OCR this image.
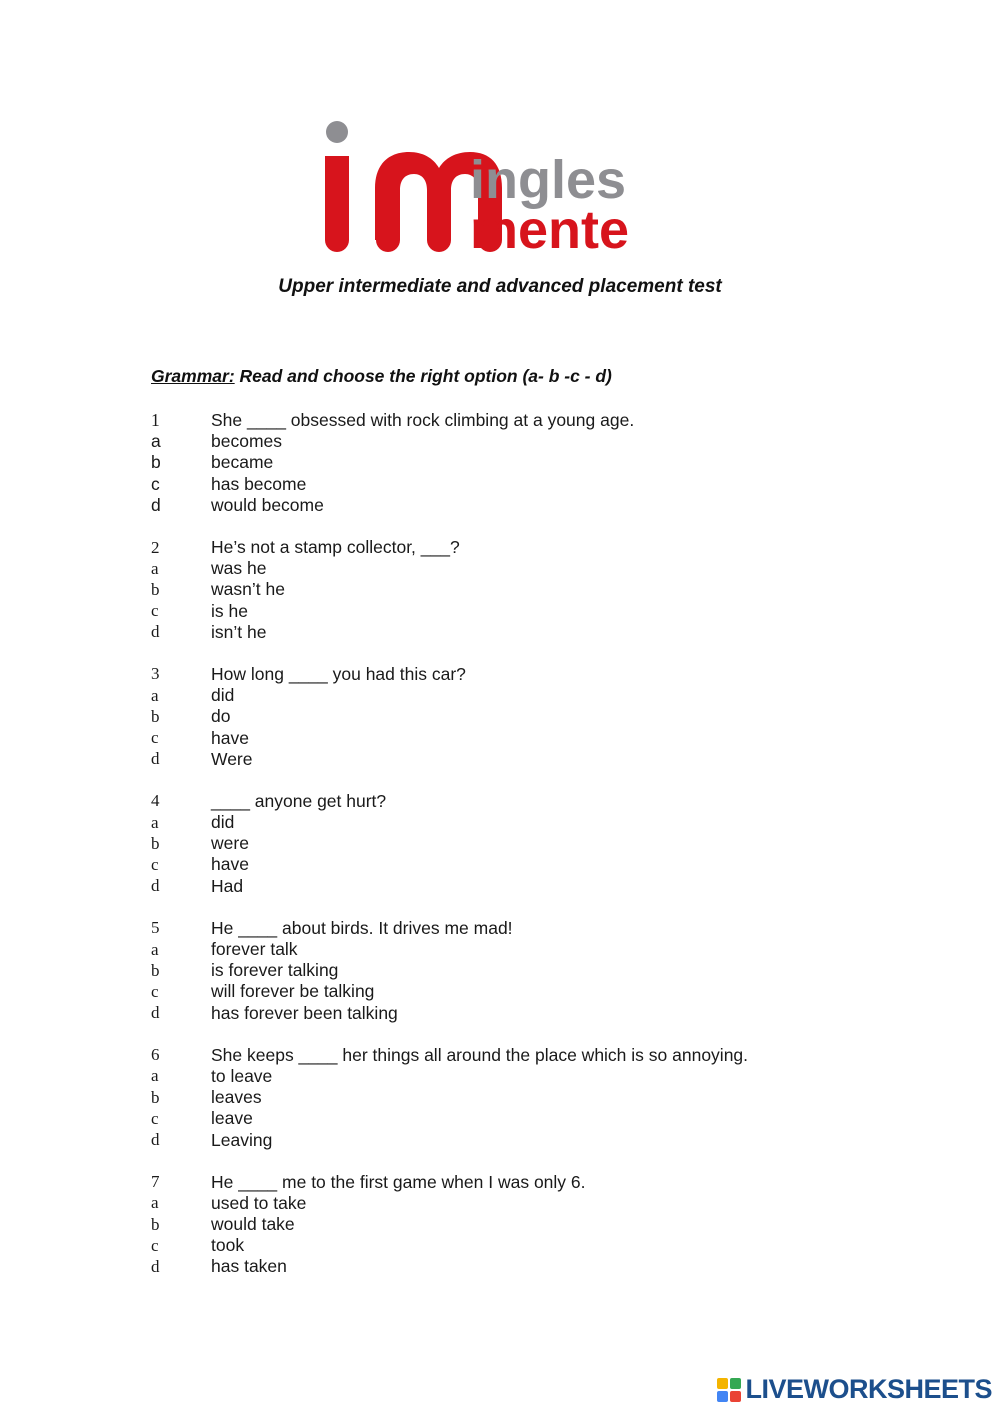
ingles
mente
Upper intermediate and advanced placement test
Grammar: Read and choose the right option (a- b -c - d)
1	She ____ obsessed with rock climbing at a young age.
a	becomes
b	became
c	has become
d	would become
2	He’s not a stamp collector, ___?
a	was he
b	wasn’t he
c	is he
d	isn’t he
3	How long ____ you had this car?
a	did
b	do
c	have
d	Were
4	____ anyone get hurt?
a	did
b	were
c	have
d	Had
5	He ____ about birds. It drives me mad!
a	forever talk
b	is forever talking
c	will forever be talking
d	has forever been talking
6	She keeps ____ her things all around the place which is so annoying.
a	to leave
b	leaves
c	leave
d	Leaving
7	He ____ me to the first game when I was only 6.
a	used to take
b	would take
c	took
d	has taken
LIVEWORKSHEETS
